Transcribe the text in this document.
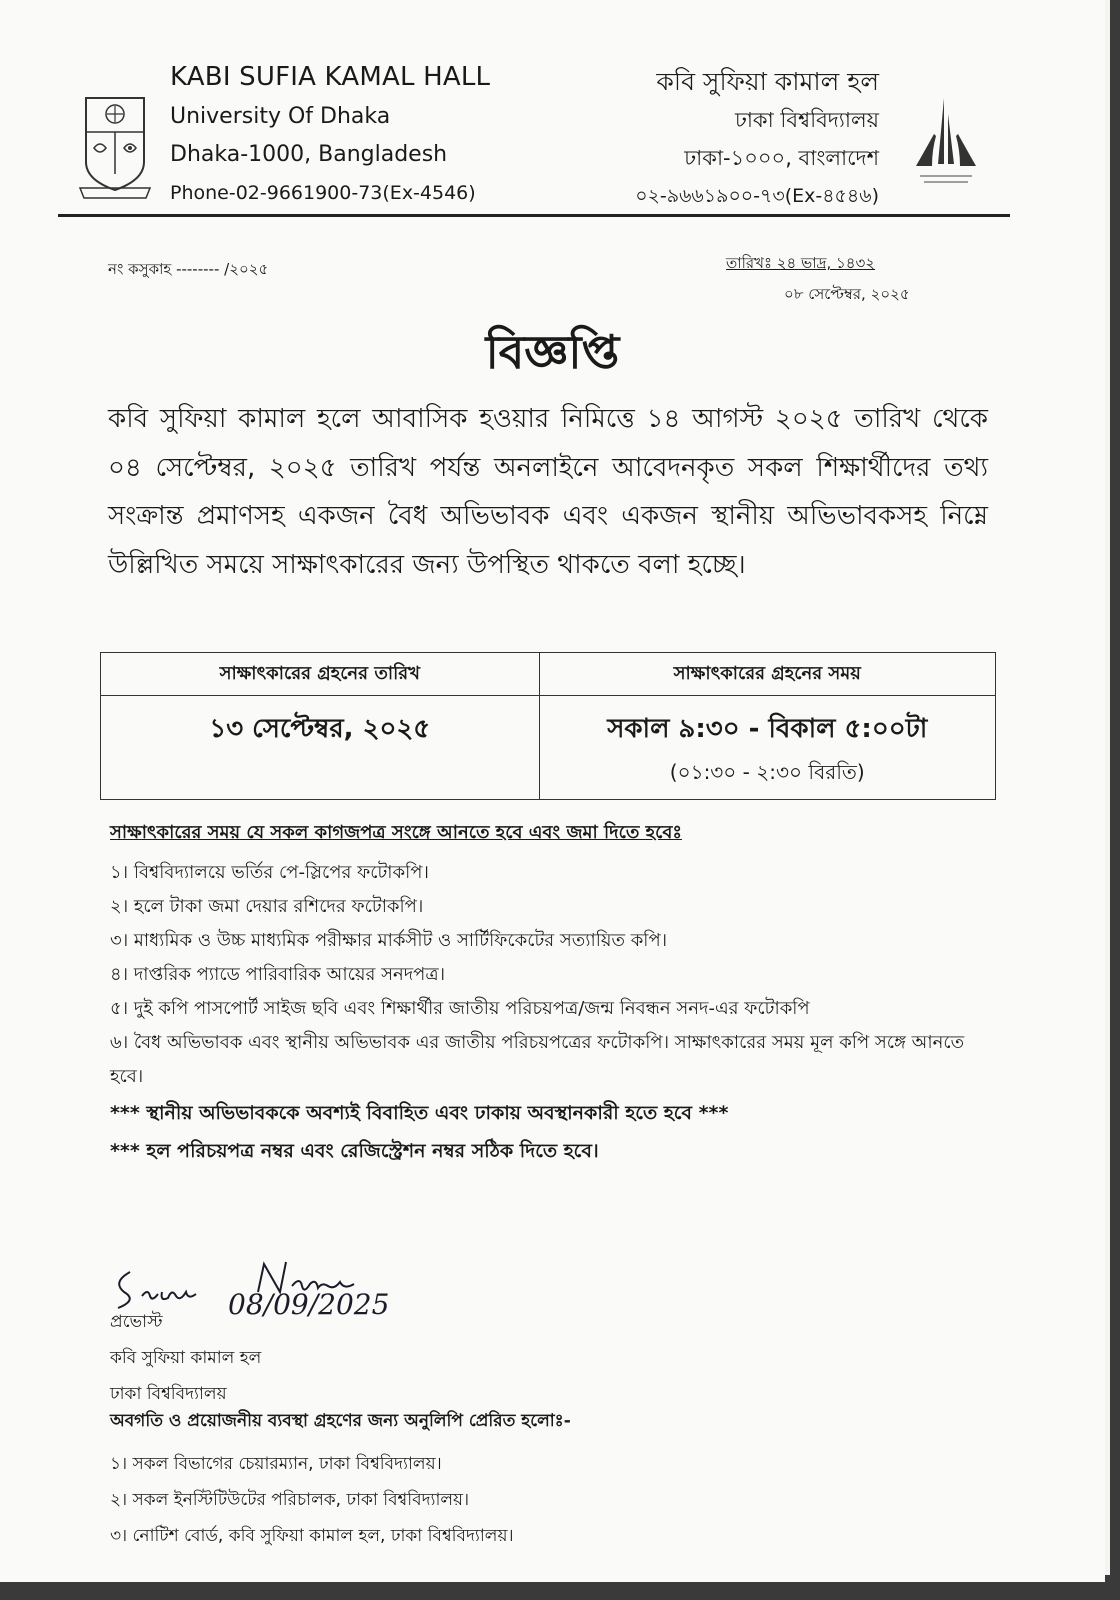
KABI SUFIA KAMAL HALL
University Of Dhaka
Dhaka-1000, Bangladesh
Phone-02-9661900-73(Ex-4546)
কবি সুফিয়া কামাল হল
ঢাকা বিশ্ববিদ্যালয়
ঢাকা-১০০০, বাংলাদেশ
০২-৯৬৬১৯০০-৭৩(Ex-৪৫৪৬)
নং কসুকাহ -------- /২০২৫	তারিখঃ ২৪ ভাদ্র, ১৪৩২
০৮ সেপ্টেম্বর, ২০২৫
বিজ্ঞপ্তি
কবি সুফিয়া কামাল হলে আবাসিক হওয়ার নিমিত্তে ১৪ আগস্ট ২০২৫ তারিখ থেকে ০৪ সেপ্টেম্বর, ২০২৫ তারিখ পর্যন্ত অনলাইনে আবেদনকৃত সকল শিক্ষার্থীদের তথ্য সংক্রান্ত প্রমাণসহ একজন বৈধ অভিভাবক এবং একজন স্থানীয় অভিভাবকসহ নিম্নে উল্লিখিত সময়ে সাক্ষাৎকারের জন্য উপস্থিত থাকতে বলা হচ্ছে।
সাক্ষাৎকারের গ্রহনের তারিখ	সাক্ষাৎকারের গ্রহনের সময়

১৩ সেপ্টেম্বর, ২০২৫	সকাল ৯:৩০ - বিকাল ৫:০০টা
(০১:৩০ - ২:৩০ বিরতি)
সাক্ষাৎকারের সময় যে সকল কাগজপত্র সংঙ্গে আনতে হবে এবং জমা দিতে হবেঃ
১। বিশ্ববিদ্যালয়ে ভর্তির পে-স্লিপের ফটোকপি।
২। হলে টাকা জমা দেয়ার রশিদের ফটোকপি।
৩। মাধ্যমিক ও উচ্চ মাধ্যমিক পরীক্ষার মার্কসীট ও সার্টিফিকেটের সত্যায়িত কপি।
৪। দাপ্তরিক প্যাডে পারিবারিক আয়ের সনদপত্র।
৫। দুই কপি পাসপোর্ট সাইজ ছবি এবং শিক্ষার্থীর জাতীয় পরিচয়পত্র/জন্ম নিবন্ধন সনদ-এর ফটোকপি
৬। বৈধ অভিভাবক এবং স্থানীয় অভিভাবক এর জাতীয় পরিচয়পত্রের ফটোকপি। সাক্ষাৎকারের সময় মূল কপি সঙ্গে আনতে হবে।
*** স্থানীয় অভিভাবককে অবশ্যই বিবাহিত এবং ঢাকায় অবস্থানকারী হতে হবে ***
*** হল পরিচয়পত্র নম্বর এবং রেজিস্ট্রেশন নম্বর সঠিক দিতে হবে।
08/09/2025
প্রভোস্ট
কবি সুফিয়া কামাল হল
ঢাকা বিশ্ববিদ্যালয়
অবগতি ও প্রয়োজনীয় ব্যবস্থা গ্রহণের জন্য অনুলিপি প্রেরিত হলোঃ-
১। সকল বিভাগের চেয়ারম্যান, ঢাকা বিশ্ববিদ্যালয়।
২। সকল ইনস্টিটিউটের পরিচালক, ঢাকা বিশ্ববিদ্যালয়।
৩। নোটিশ বোর্ড, কবি সুফিয়া কামাল হল, ঢাকা বিশ্ববিদ্যালয়।
